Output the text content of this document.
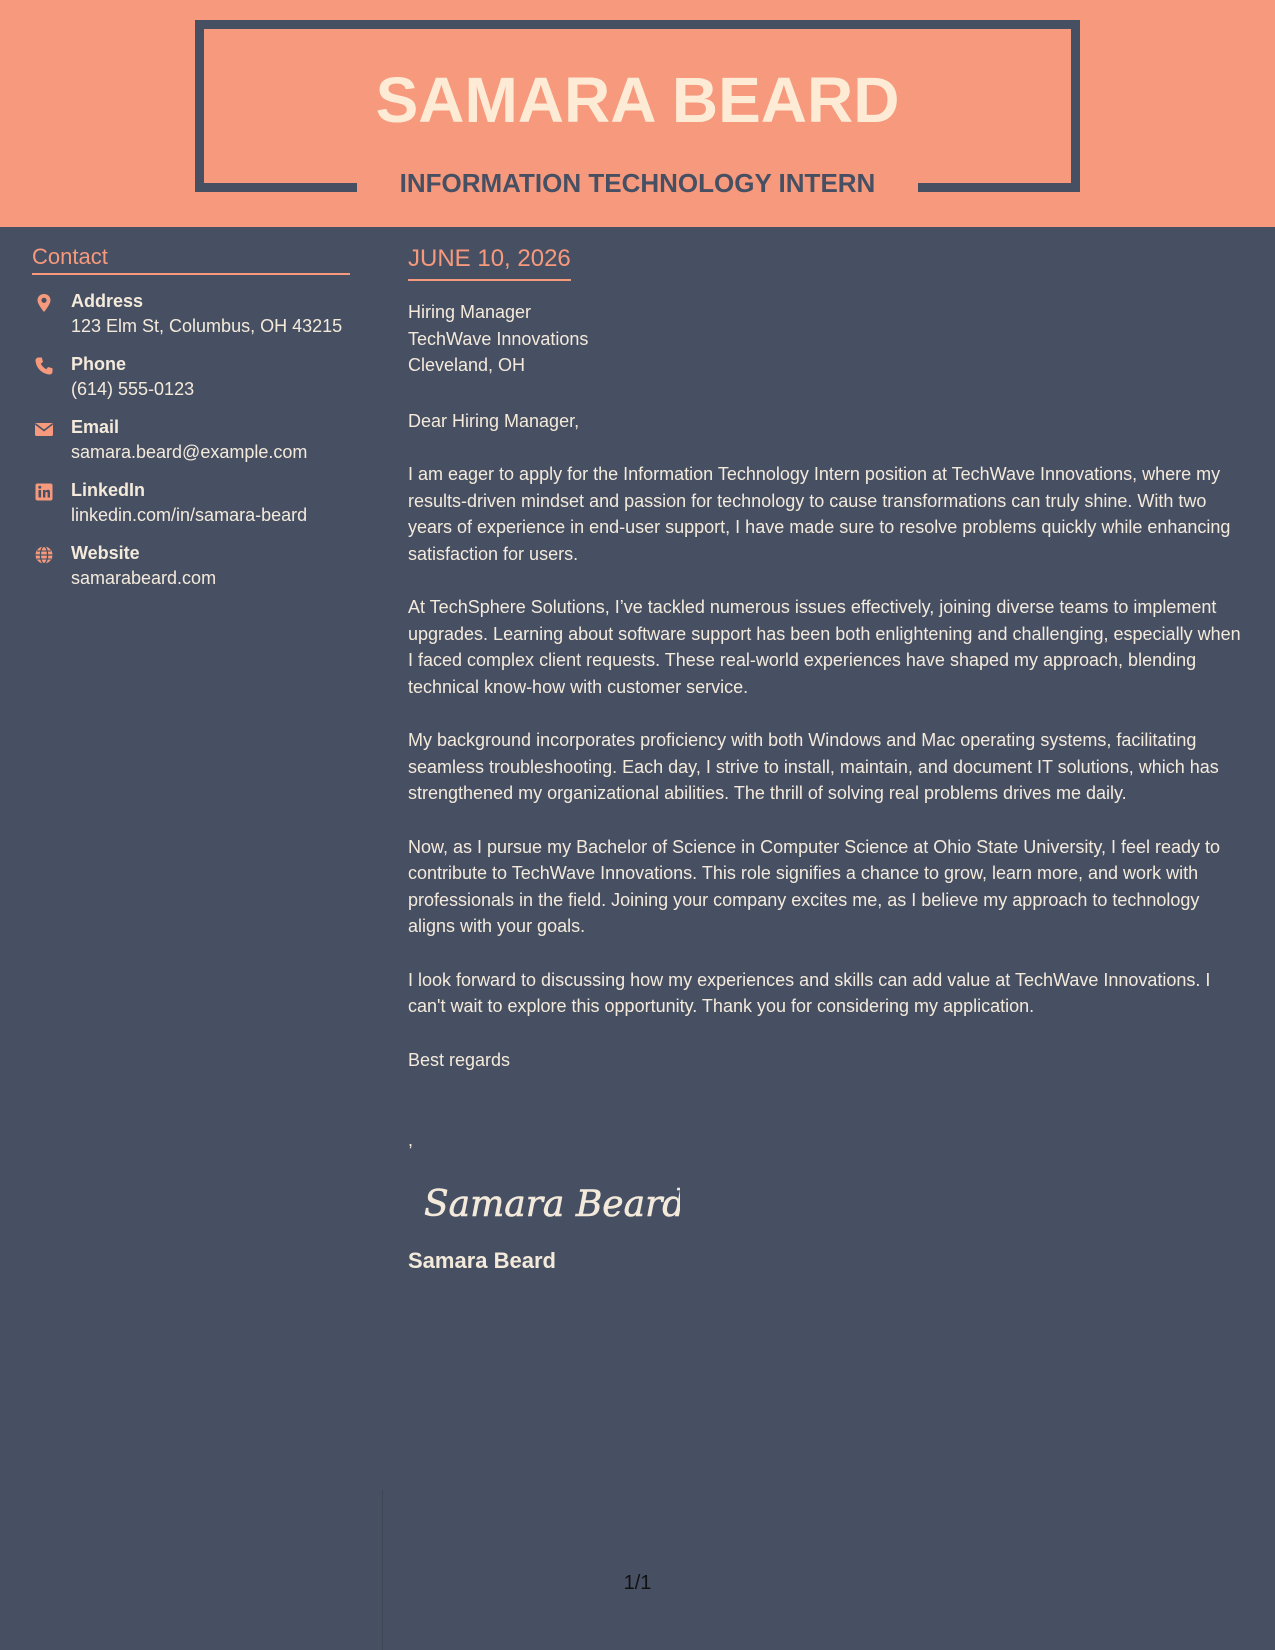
SAMARA BEARD
INFORMATION TECHNOLOGY INTERN
Contact
Address
123 Elm St, Columbus, OH 43215
Phone
(614) 555-0123
Email
samara.beard@example.com
LinkedIn
linkedin.com/in/samara-beard
Website
samarabeard.com
JUNE 10, 2026
Hiring Manager
TechWave Innovations
Cleveland, OH
Dear Hiring Manager,
I am eager to apply for the Information Technology Intern position at TechWave Innovations, where my results-driven mindset and passion for technology to cause transformations can truly shine. With two years of experience in end-user support, I have made sure to resolve problems quickly while enhancing satisfaction for users.
At TechSphere Solutions, I’ve tackled numerous issues effectively, joining diverse teams to implement upgrades. Learning about software support has been both enlightening and challenging, especially when I faced complex client requests. These real-world experiences have shaped my approach, blending technical know-how with customer service.
My background incorporates proficiency with both Windows and Mac operating systems, facilitating seamless troubleshooting. Each day, I strive to install, maintain, and document IT solutions, which has strengthened my organizational abilities. The thrill of solving real problems drives me daily.
Now, as I pursue my Bachelor of Science in Computer Science at Ohio State University, I feel ready to contribute to TechWave Innovations. This role signifies a chance to grow, learn more, and work with professionals in the field. Joining your company excites me, as I believe my approach to technology aligns with your goals.
I look forward to discussing how my experiences and skills can add value at TechWave Innovations. I can't wait to explore this opportunity. Thank you for considering my application.
Best regards
,
Samara Beard
Samara Beard
1/1
